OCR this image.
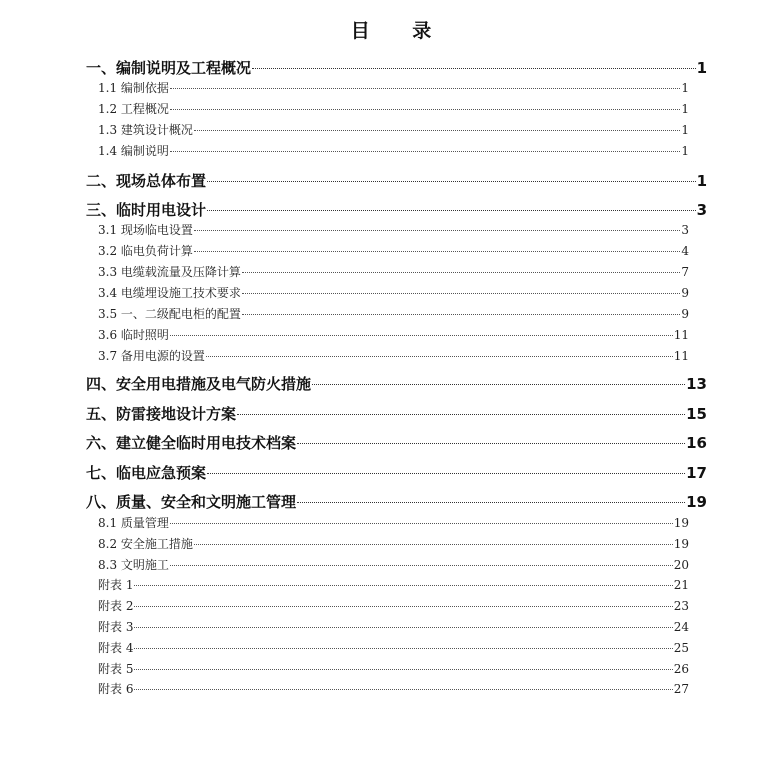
目 录
一、编制说明及工程概况	1
1.1 编制依据	1
1.2 工程概况	1
1.3 建筑设计概况	1
1.4 编制说明	1
二、现场总体布置	1
三、临时用电设计	3
3.1 现场临电设置	3
3.2 临电负荷计算	4
3.3 电缆载流量及压降计算	7
3.4 电缆埋设施工技术要求	9
3.5 一、二级配电柜的配置	9
3.6 临时照明	11
3.7 备用电源的设置	11
四、安全用电措施及电气防火措施	13
五、防雷接地设计方案	15
六、建立健全临时用电技术档案	16
七、临电应急预案	17
八、质量、安全和文明施工管理	19
8.1 质量管理	19
8.2 安全施工措施	19
8.3 文明施工	20
附表 1	21
附表 2	23
附表 3	24
附表 4	25
附表 5	26
附表 6	27
